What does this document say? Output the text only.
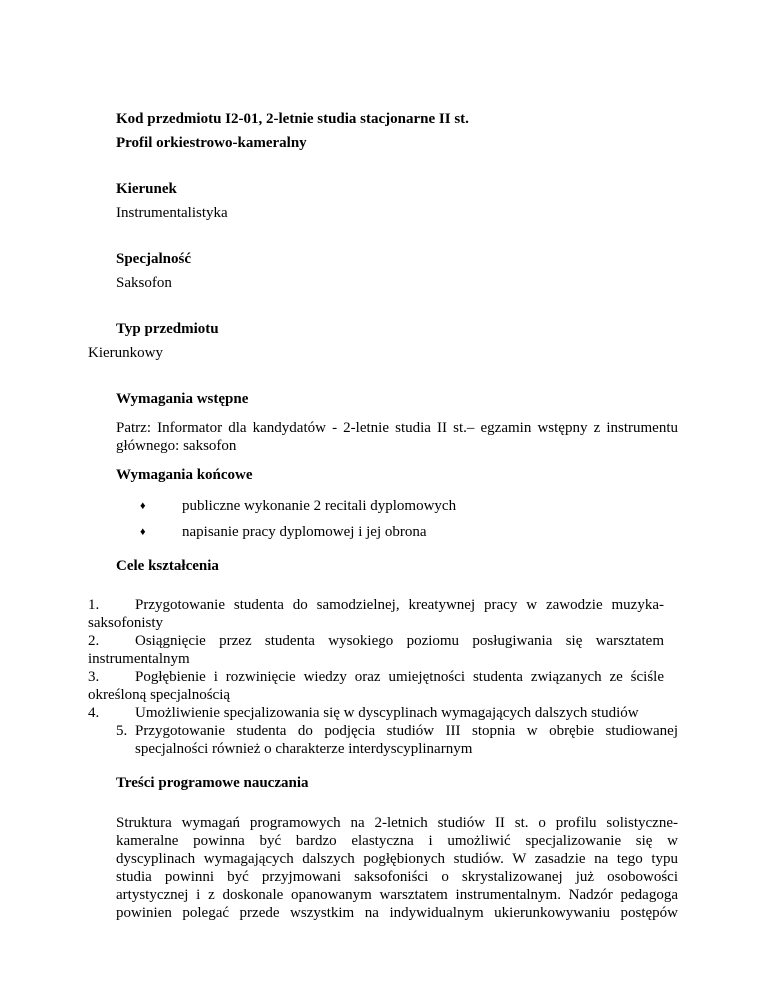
Kod przedmiotu I2-01, 2-letnie studia stacjonarne II st.
Profil orkiestrowo-kameralny
Kierunek
Instrumentalistyka
Specjalność
Saksofon
Typ przedmiotu
Kierunkowy
Wymagania wstępne
Patrz: Informator dla kandydatów - 2-letnie studia II st.– egzamin wstępny z instrumentu
głównego: saksofon
Wymagania końcowe
♦ publiczne wykonanie 2 recitali dyplomowych
♦ napisanie pracy dyplomowej i jej obrona
Cele kształcenia
1. Przygotowanie studenta do samodzielnej, kreatywnej pracy w zawodzie muzyka-
saksofonisty
2. Osiągnięcie przez studenta wysokiego poziomu posługiwania się warsztatem
instrumentalnym
3. Pogłębienie i rozwinięcie wiedzy oraz umiejętności studenta związanych ze ściśle
określoną specjalnością
4. Umożliwienie specjalizowania się w dyscyplinach wymagających dalszych studiów
5. Przygotowanie studenta do podjęcia studiów III stopnia w obrębie studiowanej
specjalności również o charakterze interdyscyplinarnym
Treści programowe nauczania
Struktura wymagań programowych na 2-letnich studiów II st. o profilu solistyczne-
kameralne powinna być bardzo elastyczna i umożliwić specjalizowanie się w
dyscyplinach wymagających dalszych pogłębionych studiów. W zasadzie na tego typu
studia powinni być przyjmowani saksofoniści o skrystalizowanej już osobowości
artystycznej i z doskonale opanowanym warsztatem instrumentalnym. Nadzór pedagoga
powinien polegać przede wszystkim na indywidualnym ukierunkowywaniu postępów
